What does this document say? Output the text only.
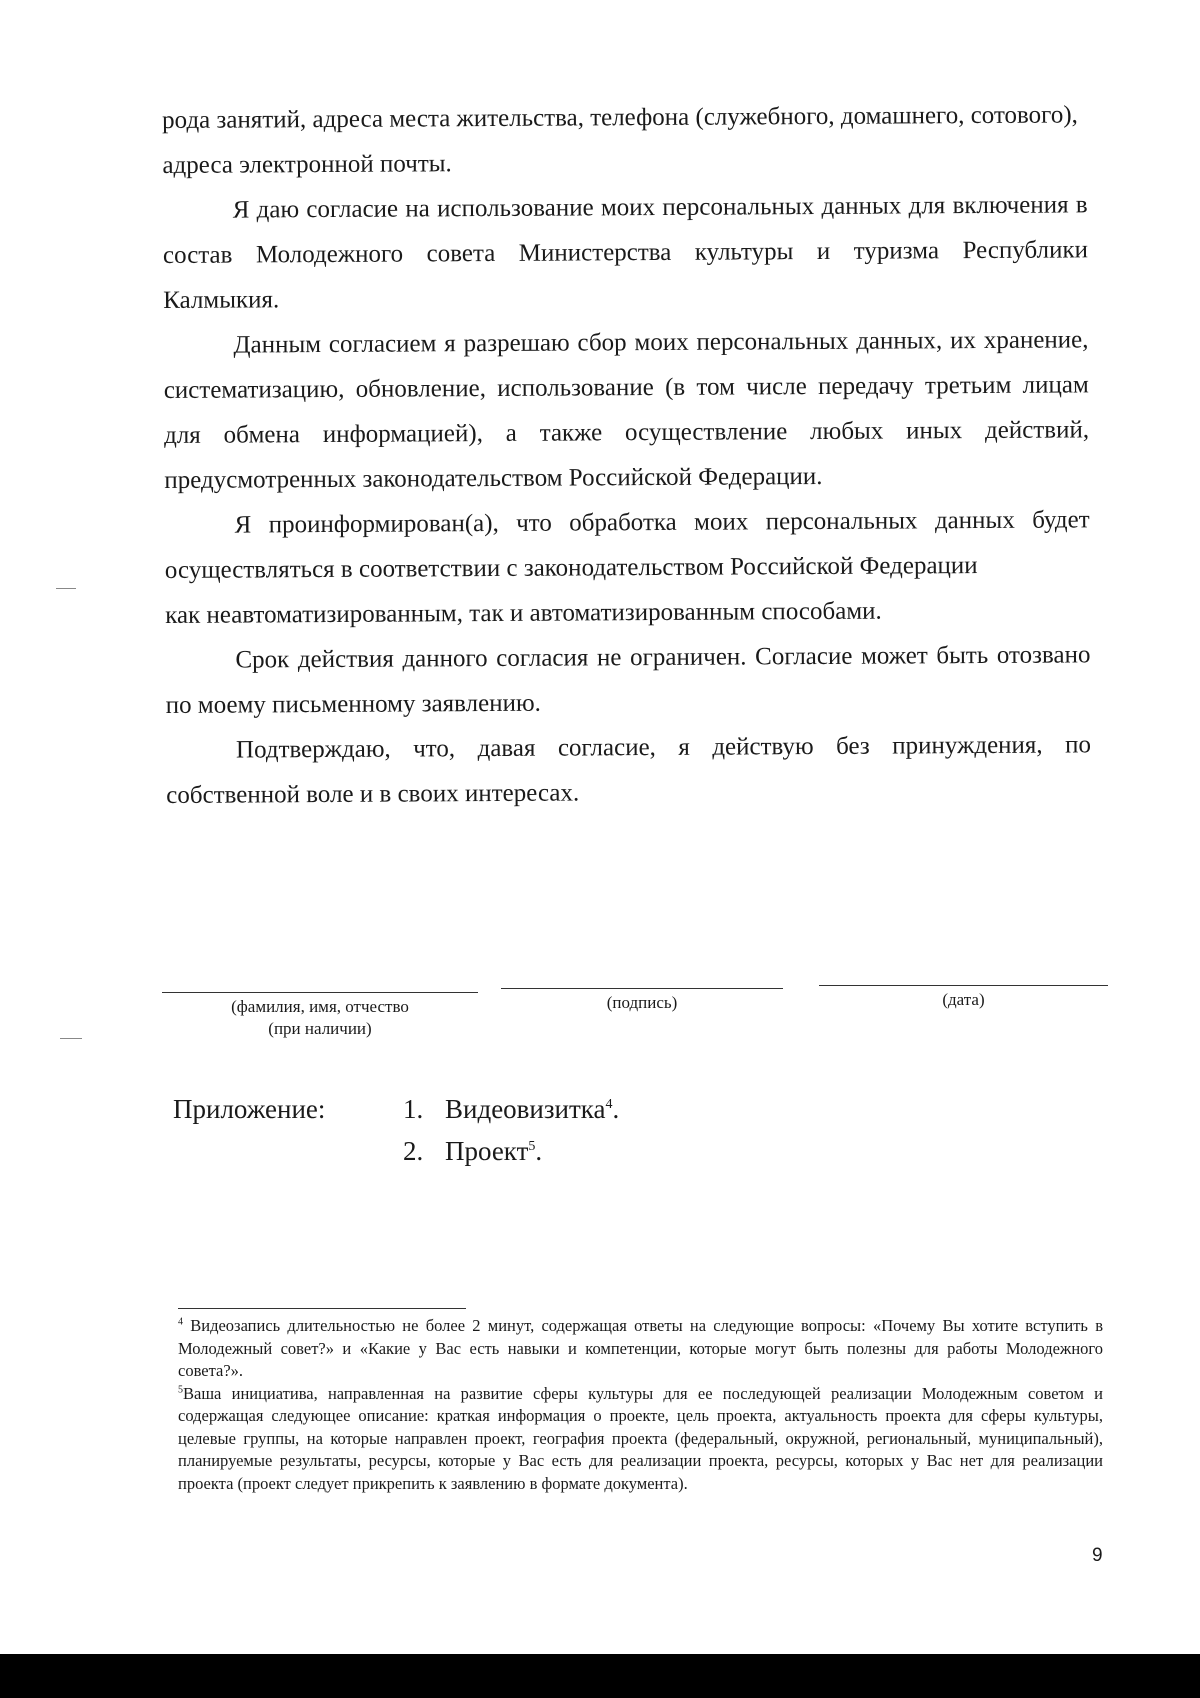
рода занятий, адреса места жительства, телефона (служебного, домашнего, сотового), адреса электронной почты.

Я даю согласие на использование моих персональных данных для включения в состав Молодежного совета Министерства культуры и туризма Республики Калмыкия.

Данным согласием я разрешаю сбор моих персональных данных, их хранение, систематизацию, обновление, использование (в том числе передачу третьим лицам для обмена информацией), а также осуществление любых иных действий, предусмотренных законодательством Российской Федерации.

Я проинформирован(а), что обработка моих персональных данных будет осуществляться в соответствии с законодательством Российской Федерации

как неавтоматизированным, так и автоматизированным способами.

Срок действия данного согласия не ограничен. Согласие может быть отозвано по моему письменному заявлению.

Подтверждаю, что, давая согласие, я действую без принуждения, по собственной воле и в своих интересах.

(фамилия, имя, отчество
(при наличии)
(подпись)	(дата)
Приложение:	1. Видеовизитка$^4$.
2. Проект$^5$.

$^4$ Видеозапись длительностью не более 2 минут, содержащая ответы на следующие вопросы: «Почему Вы хотите вступить в Молодежный совет?» и «Какие у Вас есть навыки и компетенции, которые могут быть полезны для работы Молодежного совета?».

$^5$Ваша инициатива, направленная на развитие сферы культуры для ее последующей реализации Молодежным советом и содержащая следующее описание: краткая информация о проекте, цель проекта, актуальность проекта для сферы культуры, целевые группы, на которые направлен проект, география проекта (федеральный, окружной, региональный, муниципальный), планируемые результаты, ресурсы, которые у Вас есть для реализации проекта, ресурсы, которых у Вас нет для реализации проекта (проект следует прикрепить к заявлению в формате документа).

9
